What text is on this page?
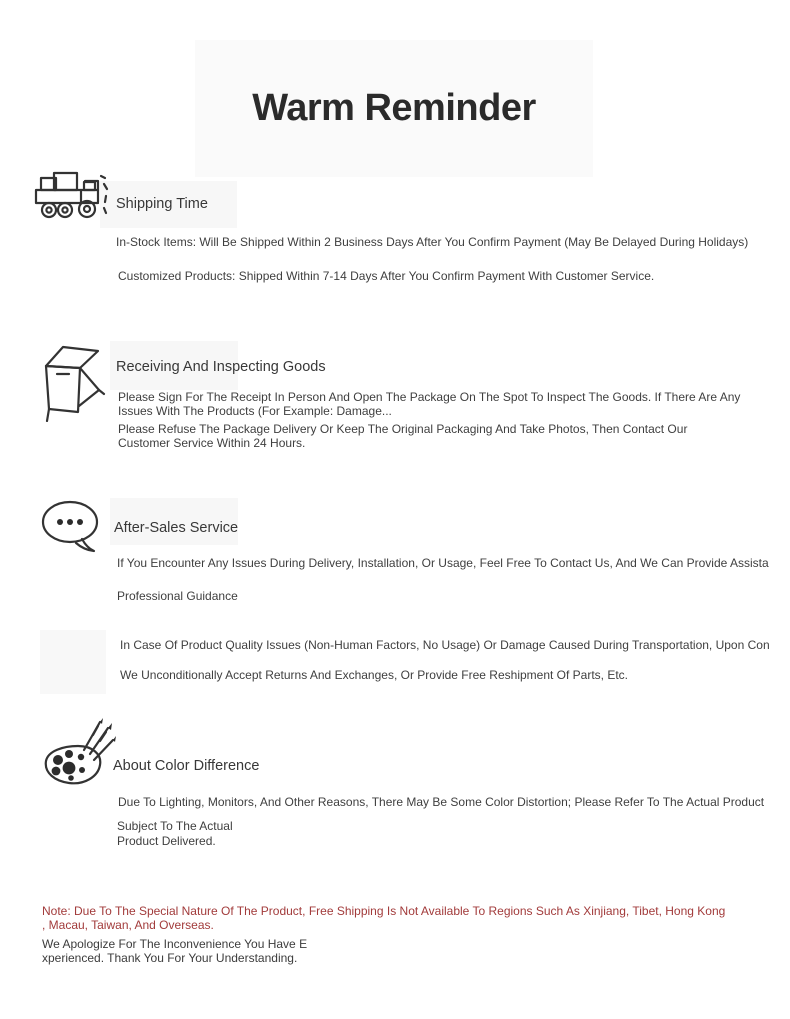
Warm Reminder
Shipping Time
In-Stock Items: Will Be Shipped Within 2 Business Days After You Confirm Payment (May Be Delayed During Holidays)
Customized Products: Shipped Within 7-14 Days After You Confirm Payment With Customer Service.
Receiving And Inspecting Goods
Please Sign For The Receipt In Person And Open The Package On The Spot To Inspect The Goods. If There Are Any
Issues With The Products (For Example: Damage...
Please Refuse The Package Delivery Or Keep The Original Packaging And Take Photos, Then Contact Our
Customer Service Within 24 Hours.
After-Sales Service
If You Encounter Any Issues During Delivery, Installation, Or Usage, Feel Free To Contact Us, And We Can Provide Assista
Professional Guidance
In Case Of Product Quality Issues (Non-Human Factors, No Usage) Or Damage Caused During Transportation, Upon Con
We Unconditionally Accept Returns And Exchanges, Or Provide Free Reshipment Of Parts, Etc.
About Color Difference
Due To Lighting, Monitors, And Other Reasons, There May Be Some Color Distortion; Please Refer To The Actual Product
Subject To The Actual
Product Delivered.
Note: Due To The Special Nature Of The Product, Free Shipping Is Not Available To Regions Such As Xinjiang, Tibet, Hong Kong
, Macau, Taiwan, And Overseas.
We Apologize For The Inconvenience You Have E
xperienced. Thank You For Your Understanding.
